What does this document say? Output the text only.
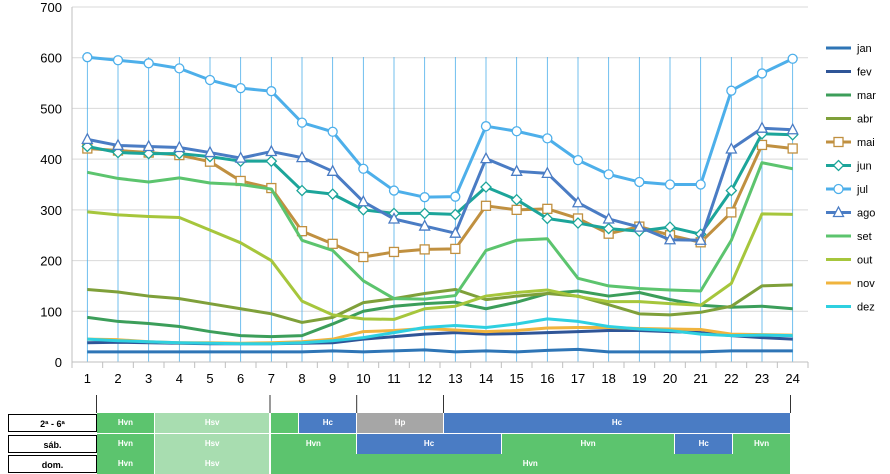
0
100
200
300
400
500
600
700
1 2 3 4 5 6 7 8 9 10 11 12 13 14 15 16 17 18 19 20 21 22 23 24
jan
fev
mar
abr
mai
jun
jul
ago
set
out
nov
dez
2ª - 6ª	Hvn	Hsv	Hc	Hp	Hc
sáb.	Hvn	Hsv	Hvn	Hc	Hvn	Hc	Hvn
dom.	Hvn	Hsv	Hvn
